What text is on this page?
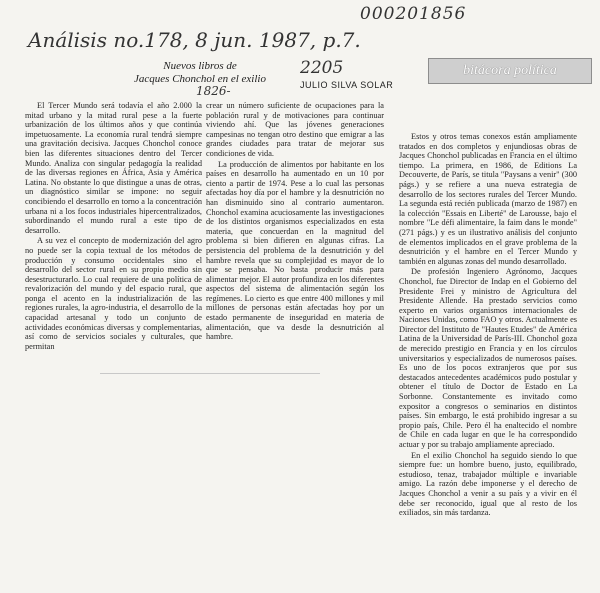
000201856
Análisis no.178, 8 jun. 1987, p.7.
2205
1826-
bitácora política
Nuevos libros de
Jacques Chonchol en el exilio	JULIO SILVA SOLAR

El Tercer Mundo será todavía el año 2.000 la mitad urbano y la mitad rural pese a la fuerte urbanización de los últimos años y que continúa impetuosamente. La economía rural tendrá siempre una gravitación decisiva. Jacques Chonchol conoce bien las diferentes situaciones dentro del Tercer Mundo. Analiza con singular pedagogía la realidad de las diversas regiones en África, Asia y América Latina. No obstante lo que distingue a unas de otras, un diagnóstico similar se impone: no seguir concibiendo el desarrollo en torno a la concentración urbana ni a los focos industriales hipercentralizados, subordinando el mundo rural a este tipo de desarrollo.

A su vez el concepto de modernización del agro no puede ser la copia textual de los métodos de producción y consumo occidentales sino el desarrollo del sector rural en su propio medio sin desestructurarlo. Lo cual requiere de una política de revalorización del mundo y del espacio rural, que ponga el acento en la industrialización de las regiones rurales, la agro-industria, el desarrollo de la capacidad artesanal y todo un conjunto de actividades económicas diversas y complementarias, así como de servicios sociales y culturales, que permitan

crear un número suficiente de ocupaciones para la población rural y de motivaciones para continuar viviendo ahí. Que las jóvenes generaciones campesinas no tengan otro destino que emigrar a las grandes ciudades para tratar de mejorar sus condiciones de vida.

La producción de alimentos por habitante en los países en desarrollo ha aumentado en un 10 por ciento a partir de 1974. Pese a lo cual las personas afectadas hoy día por el hambre y la desnutrición no han disminuido sino al contrario aumentaron. Chonchol examina acuciosamente las investigaciones de los distintos organismos especializados en esta materia, que concuerdan en la magnitud del problema si bien difieren en algunas cifras. La persistencia del problema de la desnutrición y del hambre revela que su complejidad es mayor de lo que se pensaba. No basta producir más para alimentar mejor. El autor profundiza en los diferentes aspectos del sistema de alimentación según los regímenes. Lo cierto es que entre 400 millones y mil millones de personas están afectadas hoy por un estado permanente de inseguridad en materia de alimentación, que va desde la desnutrición al hambre.

Estos y otros temas conexos están ampliamente tratados en dos completos y enjundiosas obras de Jacques Chonchol publicadas en Francia en el último tiempo. La primera, en 1986, de Editions La Decouverte, de París, se titula "Paysans a venir" (300 págs.) y se refiere a una nueva estrategia de desarrollo de los sectores rurales del Tercer Mundo. La segunda está recién publicada (marzo de 1987) en la colección "Essais en Liberté" de Larousse, bajo el nombre "Le défi alimentaire, la faim dans le monde" (271 págs.) y es un ilustrativo análisis del conjunto de elementos implicados en el grave problema de la desnutrición y el hambre en el Tercer Mundo y también en algunas zonas del mundo desarrollado.

De profesión Ingeniero Agrónomo, Jacques Chonchol, fue Director de Indap en el Gobierno del Presidente Frei y ministro de Agricultura del Presidente Allende. Ha prestado servicios como experto en varios organismos internacionales de Naciones Unidas, como FAO y otros. Actualmente es Director del Instituto de "Hautes Etudes" de América Latina de la Universidad de París-III. Chonchol goza de merecido prestigio en Francia y en los círculos universitarios y especializados de numerosos países. Es uno de los pocos extranjeros que por sus destacados antecedentes académicos pudo postular y obtener el título de Doctor de Estado en La Sorbonne. Constantemente es invitado como expositor a congresos o seminarios en distintos países. Sin embargo, le está prohibido ingresar a su propio país, Chile. Pero él ha enaltecido el nombre de Chile en cada lugar en que le ha correspondido actuar y por su trabajo ampliamente apreciado.

En el exilio Chonchol ha seguido siendo lo que siempre fue: un hombre bueno, justo, equilibrado, estudioso, tenaz, trabajador múltiple e invariable amigo. La razón debe imponerse y el derecho de Jacques Chonchol a venir a su país y a vivir en él debe ser reconocido, igual que al resto de los exiliados, sin más tardanza.
